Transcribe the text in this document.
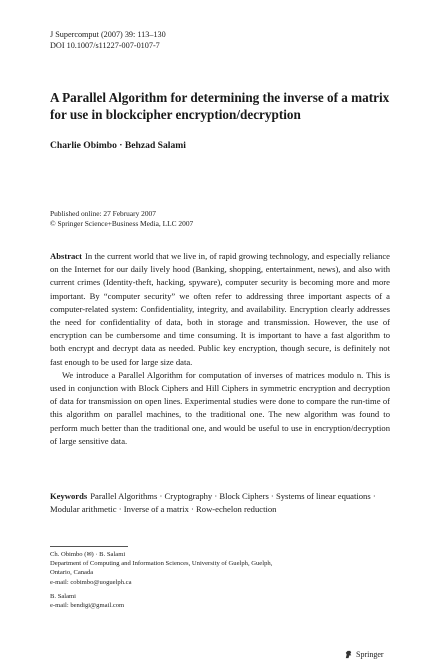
J Supercomput (2007) 39: 113–130
DOI 10.1007/s11227-007-0107-7
A Parallel Algorithm for determining the inverse of a matrix for use in blockcipher encryption/decryption
Charlie Obimbo · Behzad Salami
Published online: 27 February 2007
© Springer Science+Business Media, LLC 2007

Abstract In the current world that we live in, of rapid growing technology, and especially reliance on the Internet for our daily lively hood (Banking, shopping, entertainment, news), and also with current crimes (Identity-theft, hacking, spyware), computer security is becoming more and more important. By “computer security” we often refer to addressing three important aspects of a computer-related system: Confidentiality, integrity, and availability. Encryption clearly addresses the need for confidentiality of data, both in storage and transmission. However, the use of encryption can be cumbersome and time consuming. It is important to have a fast algorithm to both encrypt and decrypt data as needed. Public key encryption, though secure, is definitely not fast enough to be used for large size data.

We introduce a Parallel Algorithm for computation of inverses of matrices modulo n. This is used in conjunction with Block Ciphers and Hill Ciphers in symmetric encryption and decryption of data for transmission on open lines. Experimental studies were done to compare the run-time of this algorithm on parallel machines, to the traditional one. The new algorithm was found to perform much better than the traditional one, and would be useful to use in encryption/decryption of large sensitive data.

Keywords Parallel Algorithms · Cryptography · Block Ciphers · Systems of linear equations · Modular arithmetic · Inverse of a matrix · Row-echelon reduction

Ch. Obimbo (✉) · B. Salami

Department of Computing and Information Sciences, University of Guelph, Guelph,

Ontario, Canada

e-mail: cobimbo@uoguelph.ca

B. Salami

e-mail: bendigi@gmail.com

Springer
